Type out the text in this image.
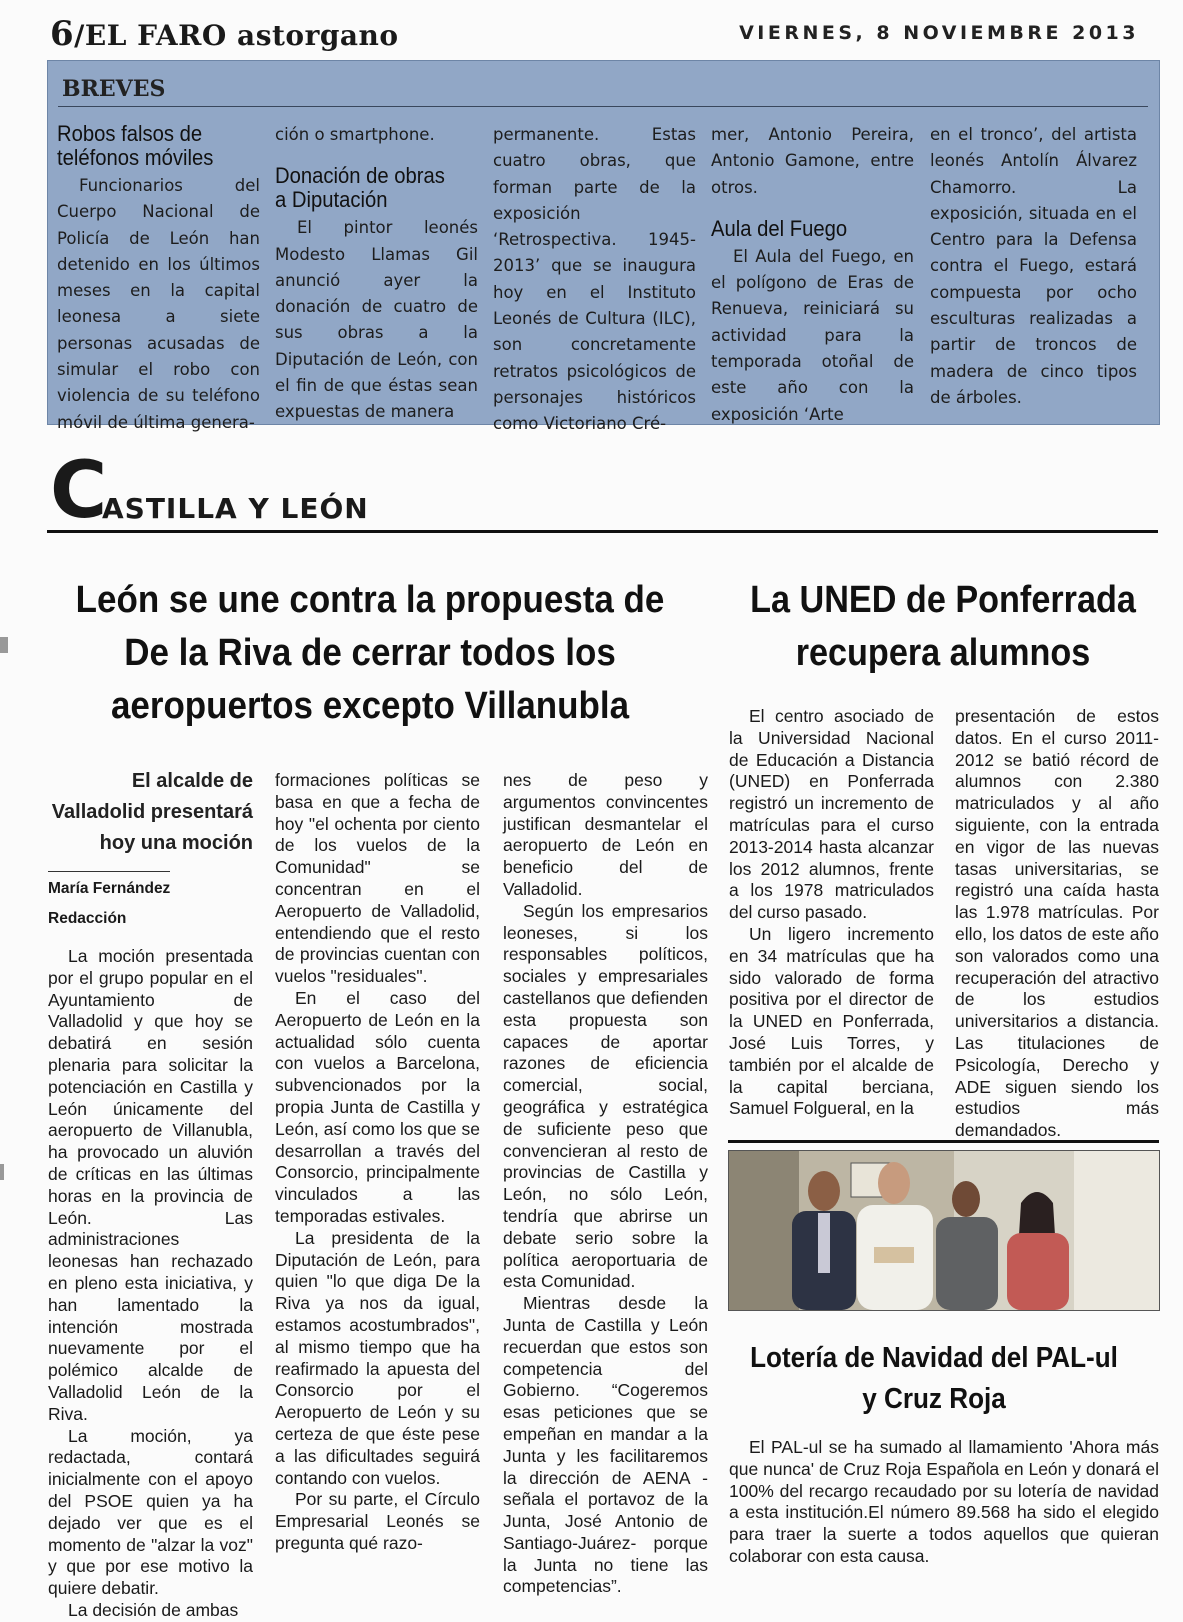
6/EL FARO astorgano	VIERNES, 8 NOVIEMBRE 2013
BREVES
Robos falsos de
teléfonos móviles

Funcionarios del Cuerpo Nacional de Policía de León han detenido en los últimos meses en la capital leonesa a siete personas acusadas de simular el robo con violencia de su teléfono móvil de última genera-

ción o smartphone.

Donación de obras
a Diputación

El pintor leonés Modesto Llamas Gil anunció ayer la donación de cuatro de sus obras a la Diputación de León, con el fin de que éstas sean expuestas de manera

permanente. Estas cuatro obras, que forman parte de la exposición ‘Retrospectiva. 1945-2013’ que se inaugura hoy en el Instituto Leonés de Cultura (ILC), son concretamente retratos psicológicos de personajes históricos como Victoriano Cré-

mer, Antonio Pereira, Antonio Gamone, entre otros.

Aula del Fuego

El Aula del Fuego, en el polígono de Eras de Renueva, reiniciará su actividad para la temporada otoñal de este año con la exposición ‘Arte

en el tronco’, del artista leonés Antolín Álvarez Chamorro. La exposición, situada en el Centro para la Defensa contra el Fuego, estará compuesta por ocho esculturas realizadas a partir de troncos de madera de cinco tipos de árboles.

C
ASTILLA Y LEÓN
León se une contra la propuesta de De la Riva de cerrar todos los aeropuertos excepto Villanubla
El alcalde de Valladolid presentará hoy una moción
María Fernández
Redacción

La moción presentada por el grupo popular en el Ayuntamiento de Valladolid y que hoy se debatirá en sesión plenaria para solicitar la potenciación en Castilla y León únicamente del aeropuerto de Villanubla, ha provocado un aluvión de críticas en las últimas horas en la provincia de León. Las administraciones leonesas han rechazado en pleno esta iniciativa, y han lamentado la intención mostrada nuevamente por el polémico alcalde de Valladolid León de la Riva.

La moción, ya redactada, contará inicialmente con el apoyo del PSOE quien ya ha dejado ver que es el momento de "alzar la voz" y que por ese motivo la quiere debatir.

La decisión de ambas

formaciones políticas se basa en que a fecha de hoy "el ochenta por ciento de los vuelos de la Comunidad" se concentran en el Aeropuerto de Valladolid, entendiendo que el resto de provincias cuentan con vuelos "residuales".

En el caso del Aeropuerto de León en la actualidad sólo cuenta con vuelos a Barcelona, subvencionados por la propia Junta de Castilla y León, así como los que se desarrollan a través del Consorcio, principalmente vinculados a las temporadas estivales.

La presidenta de la Diputación de León, para quien "lo que diga De la Riva ya nos da igual, estamos acostumbrados", al mismo tiempo que ha reafirmado la apuesta del Consorcio por el Aeropuerto de León y su certeza de que éste pese a las dificultades seguirá contando con vuelos.

Por su parte, el Círculo Empresarial Leonés se pregunta qué razo-

nes de peso y argumentos convincentes justifican desmantelar el aeropuerto de León en beneficio del de Valladolid.

Según los empresarios leoneses, si los responsables políticos, sociales y empresariales castellanos que defienden esta propuesta son capaces de aportar razones de eficiencia comercial, social, geográfica y estratégica de suficiente peso que convencieran al resto de provincias de Castilla y León, no sólo León, tendría que abrirse un debate serio sobre la política aeroportuaria de esta Comunidad.

Mientras desde la Junta de Castilla y León recuerdan que estos son competencia del Gobierno. “Cogeremos esas peticiones que se empeñan en mandar a la Junta y les facilitaremos la dirección de AENA -señala el portavoz de la Junta, José Antonio de Santiago-Juárez- porque la Junta no tiene las competencias”.

La UNED de Ponferrada recupera alumnos

El centro asociado de la Universidad Nacional de Educación a Distancia (UNED) en Ponferrada registró un incremento de matrículas para el curso 2013-2014 hasta alcanzar los 2012 alumnos, frente a los 1978 matriculados del curso pasado.

Un ligero incremento en 34 matrículas que ha sido valorado de forma positiva por el director de la UNED en Ponferrada, José Luis Torres, y también por el alcalde de la capital berciana, Samuel Folgueral, en la

presentación de estos datos. En el curso 2011-2012 se batió récord de alumnos con 2.380 matriculados y al año siguiente, con la entrada en vigor de las nuevas tasas universitarias, se registró una caída hasta las 1.978 matrículas. Por ello, los datos de este año son valorados como una recuperación del atractivo de los estudios universitarios a distancia. Las titulaciones de Psicología, Derecho y ADE siguen siendo los estudios más demandados.

Lotería de Navidad del PAL-ul y Cruz Roja

El PAL-ul se ha sumado al llamamiento 'Ahora más que nunca' de Cruz Roja Española en León y donará el 100% del recargo recaudado por su lotería de navidad a esta institución.El número 89.568 ha sido el elegido para traer la suerte a todos aquellos que quieran colaborar con esta causa.
